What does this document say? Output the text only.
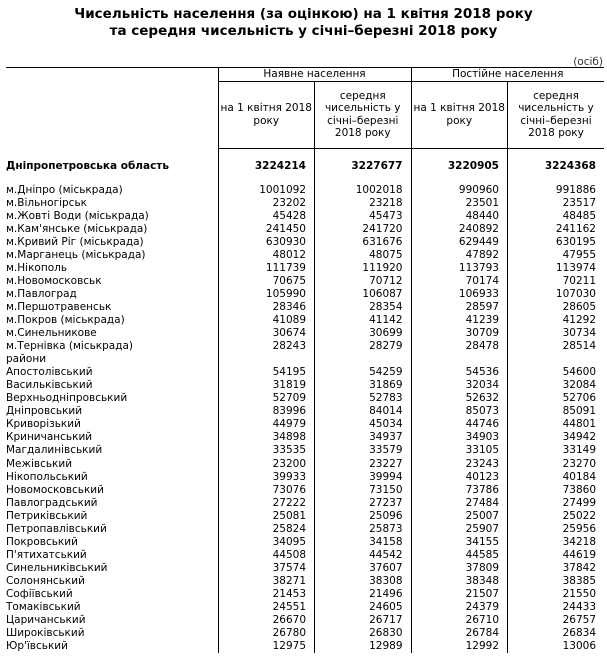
Чисельність населення (за оцінкою) на 1 квітня 2018 року
та середня чисельність у січні–березні 2018 року
(осіб)
	Наявне населення		Постійне населення	
	на 1 квітня 2018 року	середня чисельність у січні–березні 2018 року	на 1 квітня 2018 року	середня чисельність у січні–березні 2018 року

Дніпропетровська область	3224214	3227677	3220905	3224368

м.Дніпро (міськрада)	1001092	1002018	990960	991886
м.Вільногірськ	23202	23218	23501	23517
м.Жовті Води (міськрада)	45428	45473	48440	48485
м.Кам'янське (міськрада)	241450	241720	240892	241162
м.Кривий Ріг (міськрада)	630930	631676	629449	630195
м.Марганець (міськрада)	48012	48075	47892	47955
м.Нікополь	111739	111920	113793	113974
м.Новомосковськ	70675	70712	70174	70211
м.Павлоград	105990	106087	106933	107030
м.Першотравенськ	28346	28354	28597	28605
м.Покров (міськрада)	41089	41142	41239	41292
м.Синельникове	30674	30699	30709	30734
м.Тернівка (міськрада)	28243	28279	28478	28514
райони				
Апостолівський	54195	54259	54536	54600
Васильківський	31819	31869	32034	32084
Верхньодніпровський	52709	52783	52632	52706
Дніпровський	83996	84014	85073	85091
Криворізький	44979	45034	44746	44801
Криничанський	34898	34937	34903	34942
Магдалинівський	33535	33579	33105	33149
Межівський	23200	23227	23243	23270
Нікопольський	39933	39994	40123	40184
Новомосковський	73076	73150	73786	73860
Павлоградський	27222	27237	27484	27499
Петриківський	25081	25096	25007	25022
Петропавлівський	25824	25873	25907	25956
Покровський	34095	34158	34155	34218
П'ятихатський	44508	44542	44585	44619
Синельниківський	37574	37607	37809	37842
Солонянський	38271	38308	38348	38385
Софіївський	21453	21496	21507	21550
Томаківський	24551	24605	24379	24433
Царичанський	26670	26717	26710	26757
Широківський	26780	26830	26784	26834
Юр'ївський	12975	12989	12992	13006
